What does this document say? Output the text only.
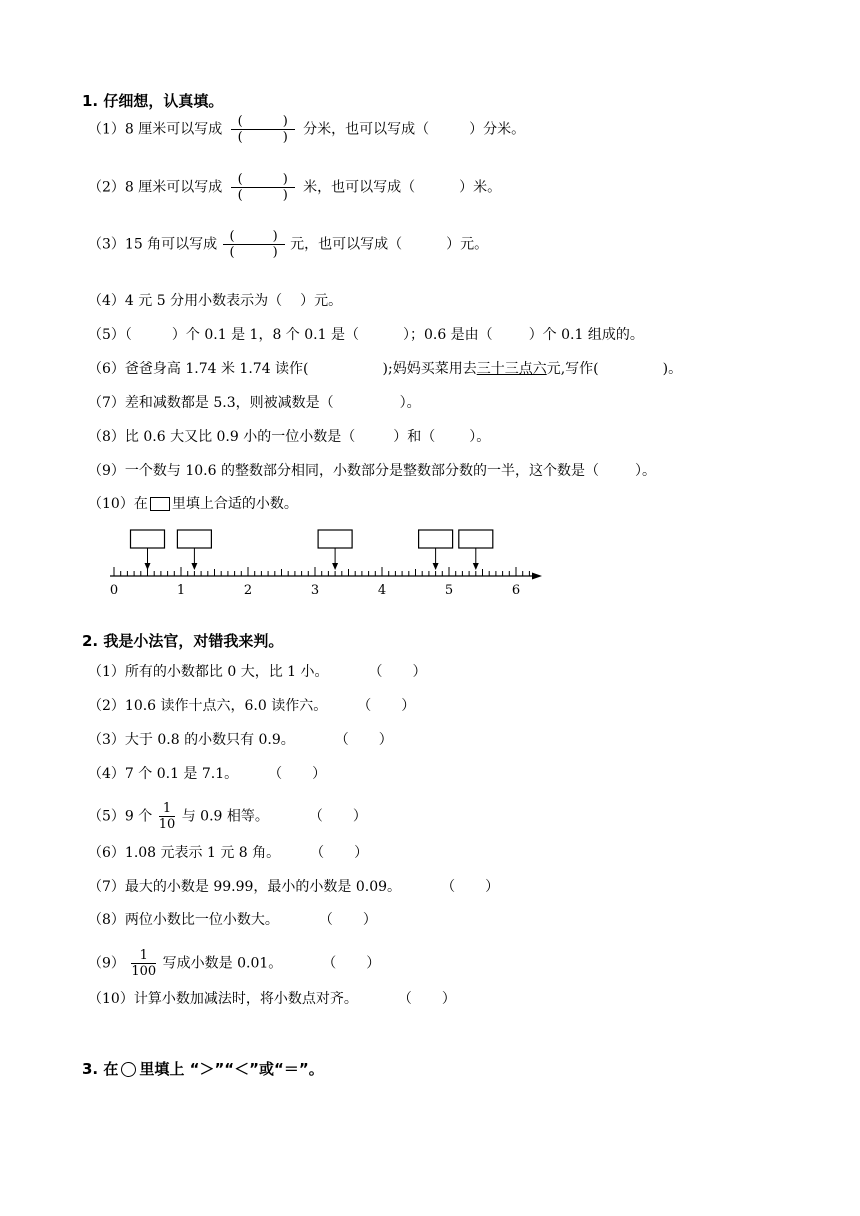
1. 仔细想，认真填。
（1）8 厘米可以写成 (	)
(	) 分米，也可以写成（	）分米。
（2）8 厘米可以写成 (	)
(	) 米，也可以写成（	）米。
（3）15 角可以写成 (	)
(	) 元，也可以写成（	）元。
（4）4 元 5 分用小数表示为（ ）元。
（5）（	）个 0.1 是 1，8 个 0.1 是（	）；0.6 是由（	）个 0.1 组成的。
（6）爸爸身高 1.74 米 1.74 读作(	);妈妈买菜用去三十三点六元,写作(	)。
（7）差和减数都是 5.3，则被减数是（	）。
（8）比 0.6 大又比 0.9 小的一位小数是（	）和（ ）。
（9）一个数与 10.6 的整数部分相同，小数部分是整数部分数的一半，这个数是（	）。
（10）在 里填上合适的小数。
0	1	2	3	4	5	6
2. 我是小法官，对错我来判。
（1）所有的小数都比 0 大，比 1 小。	（ ）
（2）10.6 读作十点六，6.0 读作六。 （ ）
（3）大于 0.8 的小数只有 0.9。	（ ）
（4）7 个 0.1 是 7.1。 （ ）
（5）9 个 $\frac{1}{10}$ 与 0.9 相等。	（ ）
（6）1.08 元表示 1 元 8 角。 （ ）
（7）最大的小数是 99.99，最小的小数是 0.09。	（ ）
（8）两位小数比一位小数大。	（ ）
$(9) \frac{1}{100}$ 写成小数是 0.01。	（ ）
（10）计算小数加减法时，将小数点对齐。	（ ）
3. 在 里填上 “＞”“＜”或“＝”。
